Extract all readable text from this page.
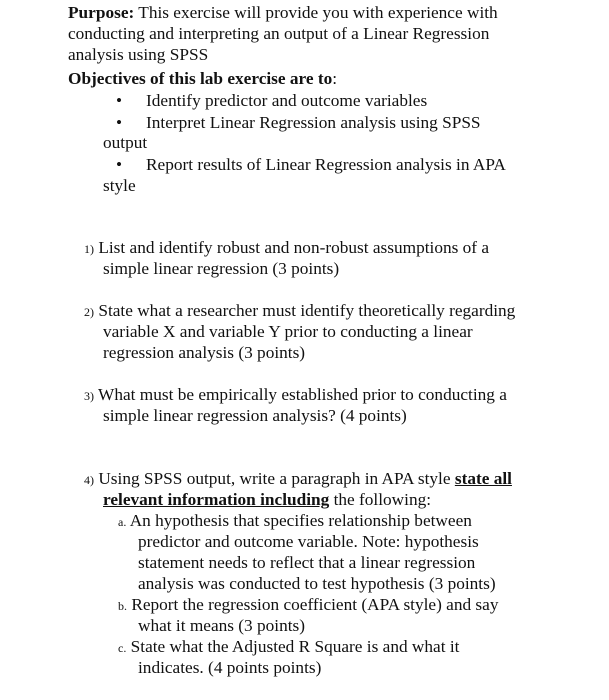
Purpose: This exercise will provide you with experience with
conducting and interpreting an output of a Linear Regression
analysis using SPSS
Objectives of this lab exercise are to:
• Identify predictor and outcome variables
• Interpret Linear Regression analysis using SPSS
output
• Report results of Linear Regression analysis in APA
style
1) List and identify robust and non-robust assumptions of a
simple linear regression (3 points)
2) State what a researcher must identify theoretically regarding
variable X and variable Y prior to conducting a linear
regression analysis (3 points)
3) What must be empirically established prior to conducting a
simple linear regression analysis? (4 points)
4) Using SPSS output, write a paragraph in APA style state all
relevant information including the following:
a. An hypothesis that specifies relationship between
predictor and outcome variable. Note: hypothesis
statement needs to reflect that a linear regression
analysis was conducted to test hypothesis (3 points)
b. Report the regression coefficient (APA style) and say
what it means (3 points)
c. State what the Adjusted R Square is and what it
indicates. (4 points points)
